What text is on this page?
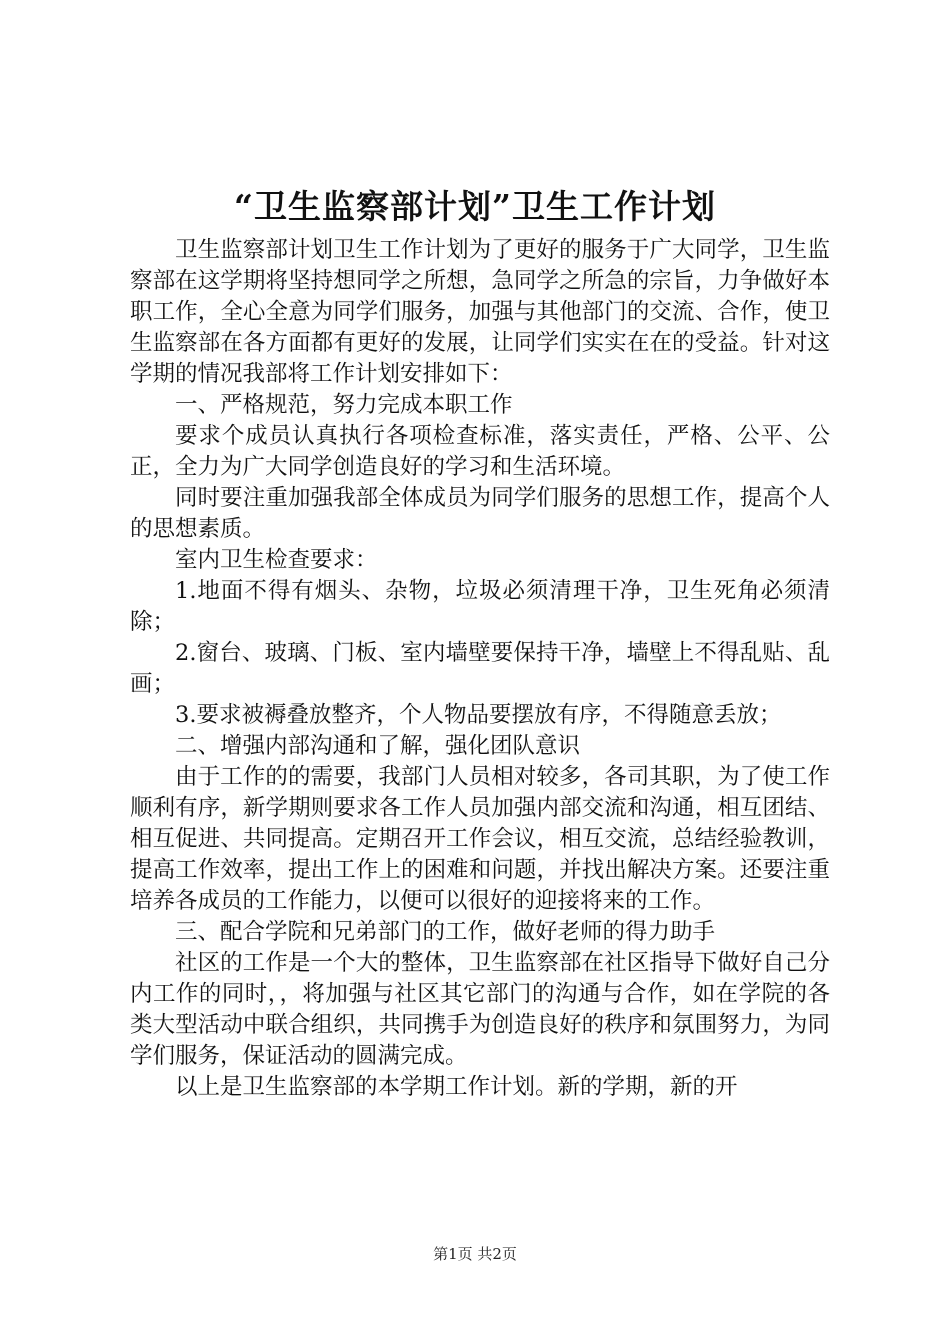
“卫生监察部计划”卫生工作计划

卫生监察部计划卫生工作计划为了更好的服务于广大同学，卫生监察部在这学期将坚持想同学之所想，急同学之所急的宗旨，力争做好本职工作，全心全意为同学们服务，加强与其他部门的交流、合作，使卫生监察部在各方面都有更好的发展，让同学们实实在在的受益。针对这学期的情况我部将工作计划安排如下：

一、严格规范，努力完成本职工作

要求个成员认真执行各项检查标准，落实责任，严格、公平、公正，全力为广大同学创造良好的学习和生活环境。

同时要注重加强我部全体成员为同学们服务的思想工作，提高个人的思想素质。

室内卫生检查要求：

1.地面不得有烟头、杂物，垃圾必须清理干净，卫生死角必须清除；

2.窗台、玻璃、门板、室内墙壁要保持干净，墙壁上不得乱贴、乱画；

3.要求被褥叠放整齐，个人物品要摆放有序，不得随意丢放；

二、增强内部沟通和了解，强化团队意识

由于工作的的需要，我部门人员相对较多，各司其职，为了使工作顺利有序，新学期则要求各工作人员加强内部交流和沟通，相互团结、相互促进、共同提高。定期召开工作会议，相互交流，总结经验教训，提高工作效率，提出工作上的困难和问题，并找出解决方案。还要注重培养各成员的工作能力，以便可以很好的迎接将来的工作。

三、配合学院和兄弟部门的工作，做好老师的得力助手

社区的工作是一个大的整体，卫生监察部在社区指导下做好自己分内工作的同时，，将加强与社区其它部门的沟通与合作，如在学院的各类大型活动中联合组织，共同携手为创造良好的秩序和氛围努力，为同学们服务，保证活动的圆满完成。

以上是卫生监察部的本学期工作计划。新的学期，新的开

第1页 共2页
